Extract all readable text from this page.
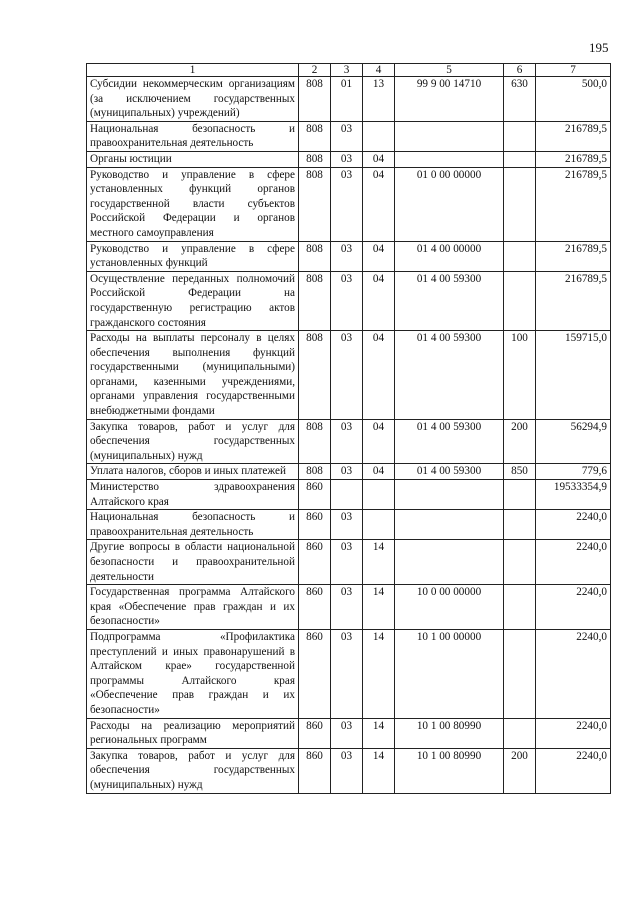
195
1	2	3	4	5	6	7
Субсидии некоммерческим организациям (за исключением государственных (муниципальных) учреждений)	808	01	13	99 9 00 14710	630	500,0
Национальная безопасность и правоохранительная деятельность	808	03				216789,5
Органы юстиции	808	03	04			216789,5
Руководство и управление в сфере установленных функций органов государственной власти субъектов Российской Федерации и органов местного самоуправления	808	03	04	01 0 00 00000		216789,5
Руководство и управление в сфере установленных функций	808	03	04	01 4 00 00000		216789,5
Осуществление переданных полномочий Российской Федерации на государственную регистрацию актов гражданского состояния	808	03	04	01 4 00 59300		216789,5
Расходы на выплаты персоналу в целях обеспечения выполнения функций государственными (муниципальными) органами, казенными учреждениями, органами управления государственными внебюджетными фондами	808	03	04	01 4 00 59300	100	159715,0
Закупка товаров, работ и услуг для обеспечения государственных (муниципальных) нужд	808	03	04	01 4 00 59300	200	56294,9
Уплата налогов, сборов и иных платежей	808	03	04	01 4 00 59300	850	779,6
Министерство здравоохранения Алтайского края	860					19533354,9
Национальная безопасность и правоохранительная деятельность	860	03				2240,0
Другие вопросы в области национальной безопасности и правоохранительной деятельности	860	03	14			2240,0
Государственная программа Алтайского края «Обеспечение прав граждан и их безопасности»	860	03	14	10 0 00 00000		2240,0
Подпрограмма «Профилактика преступлений и иных правонарушений в Алтайском крае» государственной программы Алтайского края «Обеспечение прав граждан и их безопасности»	860	03	14	10 1 00 00000		2240,0
Расходы на реализацию мероприятий региональных программ	860	03	14	10 1 00 80990		2240,0
Закупка товаров, работ и услуг для обеспечения государственных (муниципальных) нужд	860	03	14	10 1 00 80990	200	2240,0
